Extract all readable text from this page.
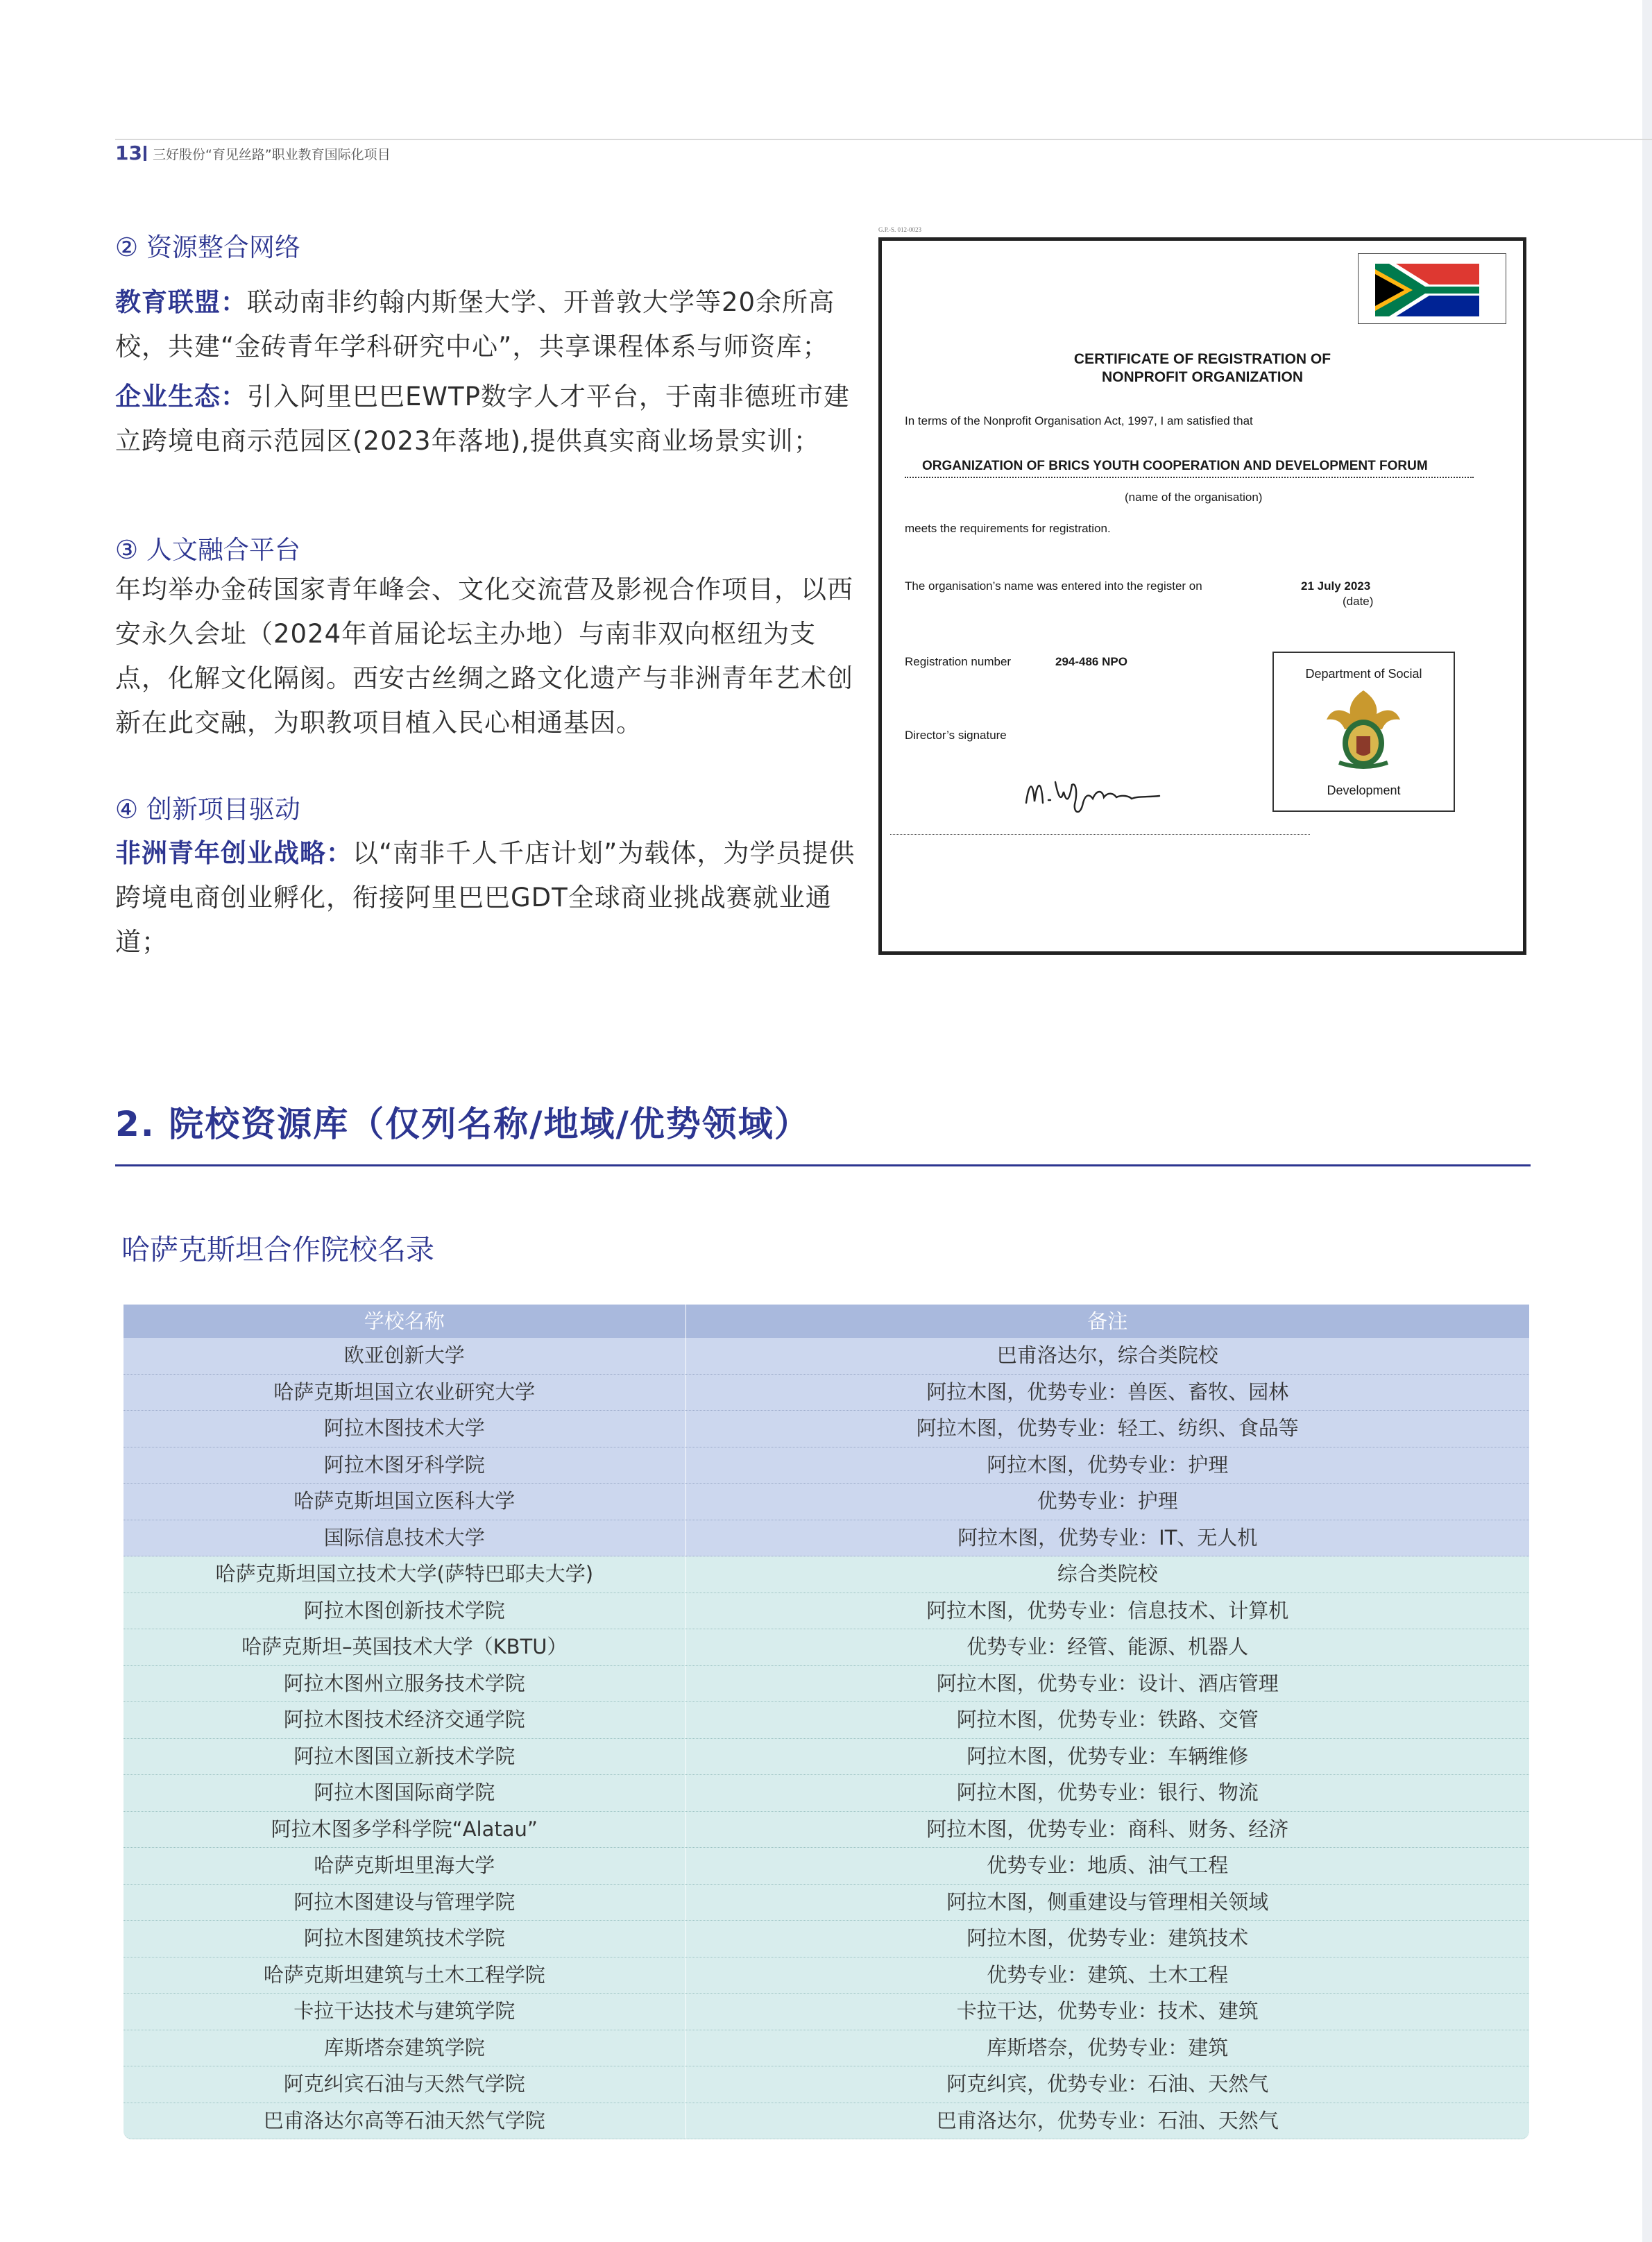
13 三好股份“育见丝路”职业教育国际化项目
② 资源整合网络
教育联盟：联动南非约翰内斯堡大学、开普敦大学等20余所高校，共建“金砖青年学科研究中心”，共享课程体系与师资库；
企业生态：引入阿里巴巴EWTP数字人才平台，于南非德班市建立跨境电商示范园区(2023年落地),提供真实商业场景实训；
③ 人文融合平台
年均举办金砖国家青年峰会、文化交流营及影视合作项目，以西安永久会址（2024年首届论坛主办地）与南非双向枢纽为支点，化解文化隔阂。西安古丝绸之路文化遗产与非洲青年艺术创新在此交融，为职教项目植入民心相通基因。
④ 创新项目驱动
非洲青年创业战略：以“南非千人千店计划”为载体，为学员提供跨境电商创业孵化，衔接阿里巴巴GDT全球商业挑战赛就业通道；
G.P.-S. 012-0023
CERTIFICATE OF REGISTRATION OF
NONPROFIT ORGANIZATION
In terms of the Nonprofit Organisation Act, 1997, I am satisfied that
ORGANIZATION OF BRICS YOUTH COOPERATION AND DEVELOPMENT FORUM
(name of the organisation)
meets the requirements for registration.
The organisation’s name was entered into the register on	21 July 2023
(date)
Registration number	294-486 NPO
Director’s signature
Department of Social
Development
2. 院校资源库（仅列名称/地域/优势领域）
哈萨克斯坦合作院校名录
学校名称	备注
欧亚创新大学	巴甫洛达尔，综合类院校
哈萨克斯坦国立农业研究大学	阿拉木图，优势专业：兽医、畜牧、园林
阿拉木图技术大学	阿拉木图，优势专业：轻工、纺织、食品等
阿拉木图牙科学院	阿拉木图，优势专业：护理
哈萨克斯坦国立医科大学	优势专业：护理
国际信息技术大学	阿拉木图，优势专业：IT、无人机
哈萨克斯坦国立技术大学(萨特巴耶夫大学)	综合类院校
阿拉木图创新技术学院	阿拉木图，优势专业：信息技术、计算机
哈萨克斯坦–英国技术大学（KBTU）	优势专业：经管、能源、机器人
阿拉木图州立服务技术学院	阿拉木图，优势专业：设计、酒店管理
阿拉木图技术经济交通学院	阿拉木图，优势专业：铁路、交管
阿拉木图国立新技术学院	阿拉木图，优势专业：车辆维修
阿拉木图国际商学院	阿拉木图，优势专业：银行、物流
阿拉木图多学科学院“Alatau”	阿拉木图，优势专业：商科、财务、经济
哈萨克斯坦里海大学	优势专业：地质、油气工程
阿拉木图建设与管理学院	阿拉木图，侧重建设与管理相关领域
阿拉木图建筑技术学院	阿拉木图，优势专业：建筑技术
哈萨克斯坦建筑与土木工程学院	优势专业：建筑、土木工程
卡拉干达技术与建筑学院	卡拉干达，优势专业：技术、建筑
库斯塔奈建筑学院	库斯塔奈，优势专业：建筑
阿克纠宾石油与天然气学院	阿克纠宾，优势专业：石油、天然气
巴甫洛达尔高等石油天然气学院	巴甫洛达尔，优势专业：石油、天然气
